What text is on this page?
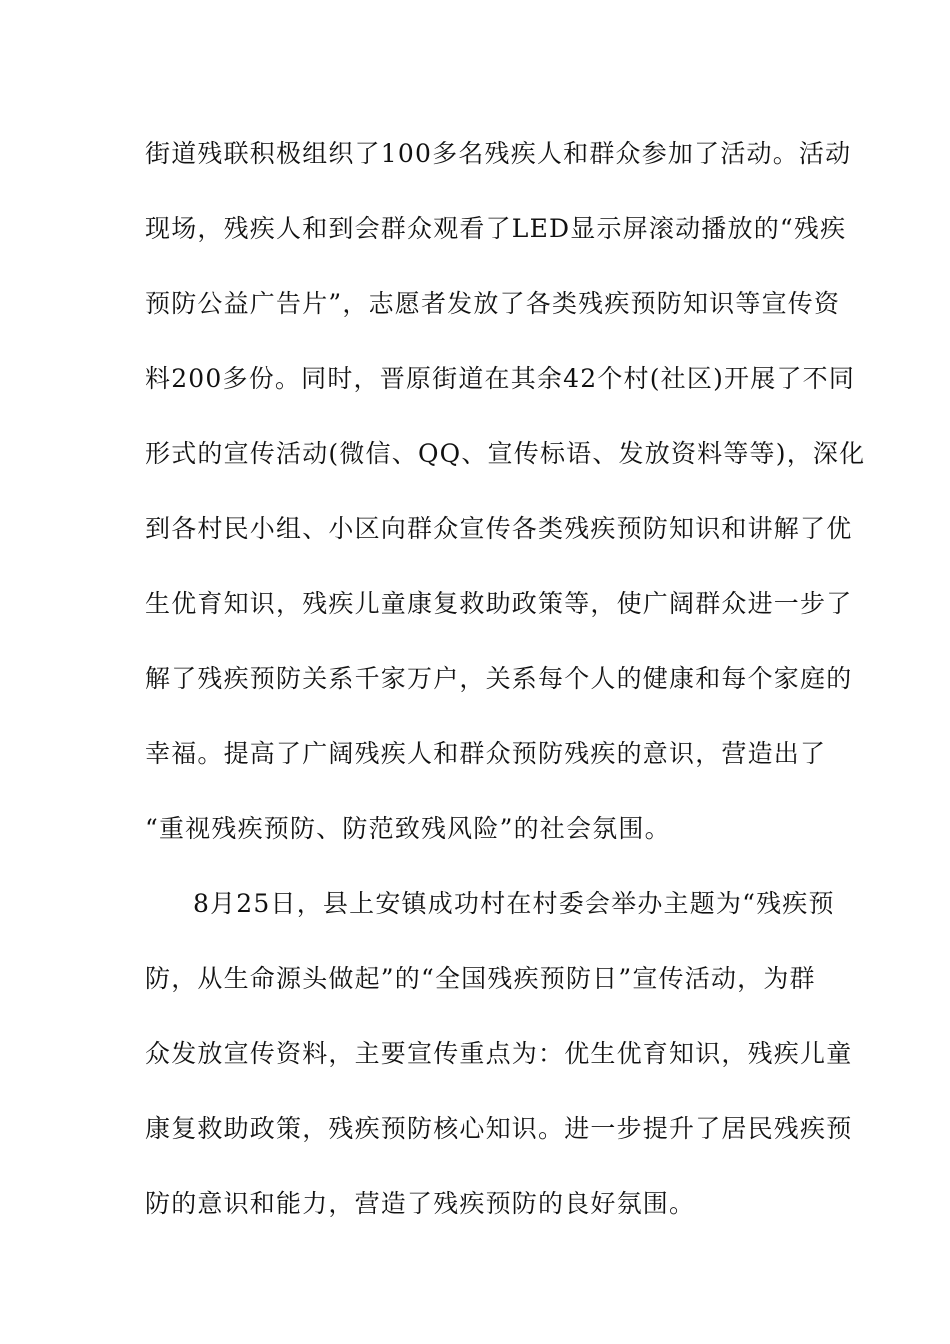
街道残联积极组织了100多名残疾人和群众参加了活动。活动

现场，残疾人和到会群众观看了LED显示屏滚动播放的“残疾

预防公益广告片”，志愿者发放了各类残疾预防知识等宣传资

料200多份。同时，晋原街道在其余42个村(社区)开展了不同

形式的宣传活动(微信、QQ、宣传标语、发放资料等等)，深化

到各村民小组、小区向群众宣传各类残疾预防知识和讲解了优

生优育知识，残疾儿童康复救助政策等，使广阔群众进一步了

解了残疾预防关系千家万户，关系每个人的健康和每个家庭的

幸福。提高了广阔残疾人和群众预防残疾的意识，营造出了

“重视残疾预防、防范致残风险”的社会氛围。

8月25日，县上安镇成功村在村委会举办主题为“残疾预

防，从生命源头做起”的“全国残疾预防日”宣传活动，为群

众发放宣传资料，主要宣传重点为：优生优育知识，残疾儿童

康复救助政策，残疾预防核心知识。进一步提升了居民残疾预

防的意识和能力，营造了残疾预防的良好氛围。
